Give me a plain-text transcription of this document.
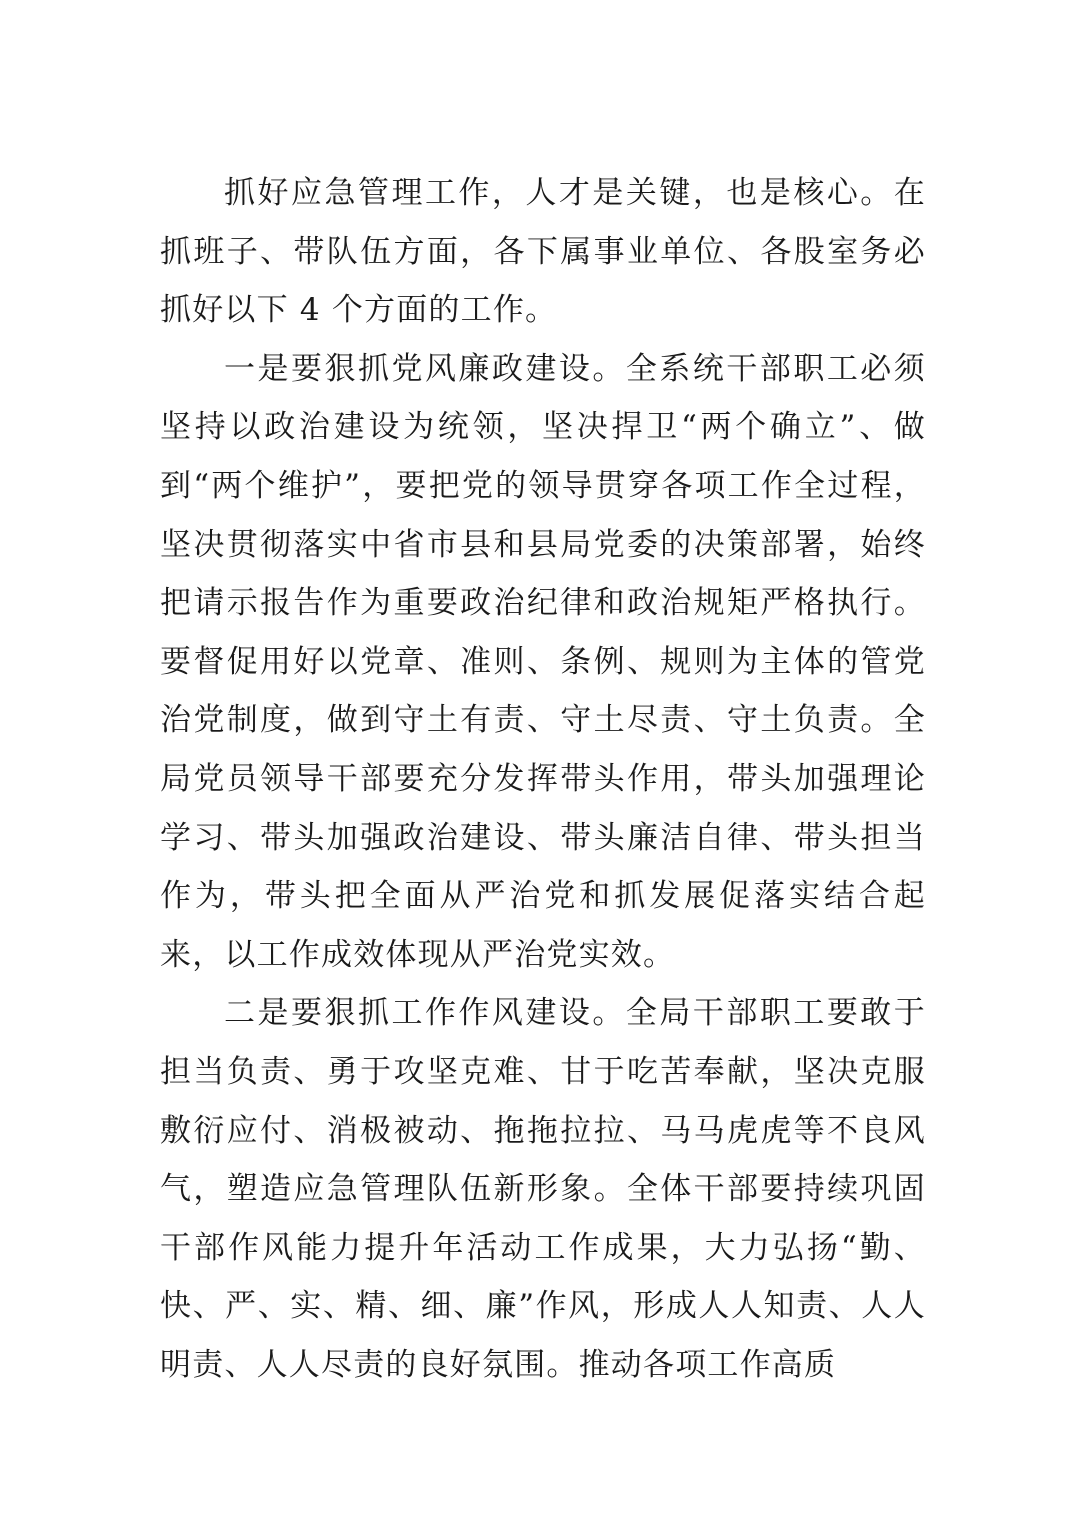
抓好应急管理工作，人才是关键，也是核心。在抓班子、带队伍方面，各下属事业单位、各股室务必抓好以下 4 个方面的工作。

一是要狠抓党风廉政建设。全系统干部职工必须坚持以政治建设为统领，坚决捍卫“两个确立”、做到“两个维护”，要把党的领导贯穿各项工作全过程，坚决贯彻落实中省市县和县局党委的决策部署，始终把请示报告作为重要政治纪律和政治规矩严格执行。要督促用好以党章、准则、条例、规则为主体的管党治党制度，做到守土有责、守土尽责、守土负责。全局党员领导干部要充分发挥带头作用，带头加强理论学习、带头加强政治建设、带头廉洁自律、带头担当作为，带头把全面从严治党和抓发展促落实结合起来，以工作成效体现从严治党实效。

二是要狠抓工作作风建设。全局干部职工要敢于担当负责、勇于攻坚克难、甘于吃苦奉献，坚决克服敷衍应付、消极被动、拖拖拉拉、马马虎虎等不良风气，塑造应急管理队伍新形象。全体干部要持续巩固干部作风能力提升年活动工作成果，大力弘扬“勤、快、严、实、精、细、廉”作风，形成人人知责、人人明责、人人尽责的良好氛围。推动各项工作高质
